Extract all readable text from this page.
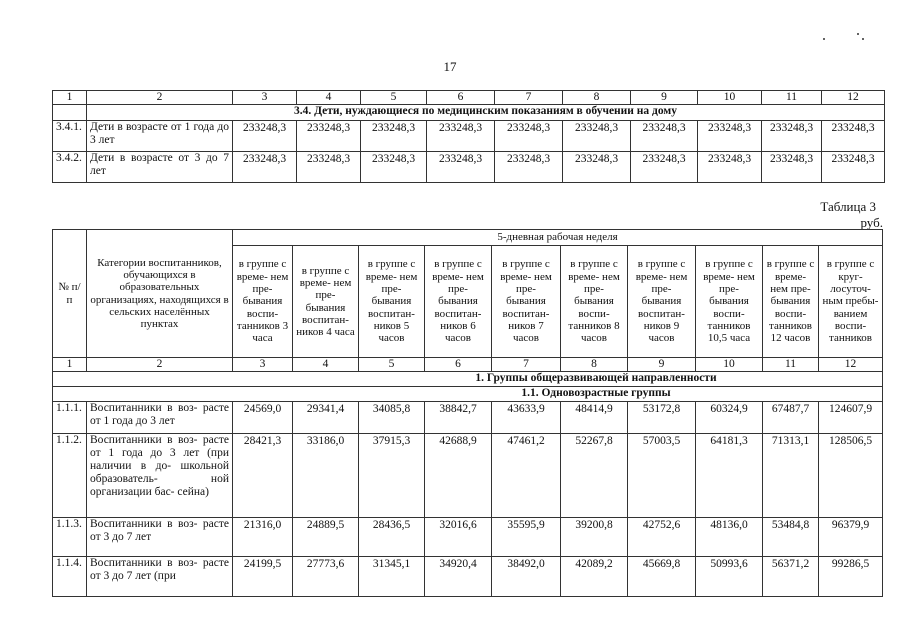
17
1	2	3	4	5	6	7	8	9	10	11	12
	3.4. Дети, нуждающиеся по медицинским показаниям в обучении на дому										
3.4.1.	Дети в возрасте от 1 года до 3 лет	233248,3	233248,3	233248,3	233248,3	233248,3	233248,3	233248,3	233248,3	233248,3	233248,3
3.4.2.	Дети в возрасте от 3 до 7 лет	233248,3	233248,3	233248,3	233248,3	233248,3	233248,3	233248,3	233248,3	233248,3	233248,3
Таблица 3
руб.
№ п/п	Категории воспитанников, обучающихся в образовательных организациях, находящихся в сельских населённых пунктах	5-дневная рабочая неделя									
		в группе с време- нем пре- бывания воспи- танников 3 часа	в группе с време- нем пре- бывания воспитан- ников 4 часа	в группе с време- нем пре- бывания воспитан- ников 5 часов	в группе с време- нем пре- бывания воспитан- ников 6 часов	в группе с време- нем пре- бывания воспитан- ников 7 часов	в группе с време- нем пре- бывания воспи- танников 8 часов	в группе с време- нем пре- бывания воспитан- ников 9 часов	в группе с време- нем пре- бывания воспи- танников 10,5 часа	в группе с време- нем пре- бывания воспи- танников 12 часов	в группе с круг- лосуточ- ным пребы- ванием воспи- танников
1	2	3	4	5	6	7	8	9	10	11	12
1. Группы общеразвивающей направленности											
1.1. Одновозрастные группы											
1.1.1.	Воспитанники в воз- расте от 1 года до 3 лет	24569,0	29341,4	34085,8	38842,7	43633,9	48414,9	53172,8	60324,9	67487,7	124607,9
1.1.2.	Воспитанники в воз- расте от 1 года до 3 лет (при наличии в до- школьной образователь- ной организации бас- сейна)	28421,3	33186,0	37915,3	42688,9	47461,2	52267,8	57003,5	64181,3	71313,1	128506,5
1.1.3.	Воспитанники в воз- расте от 3 до 7 лет	21316,0	24889,5	28436,5	32016,6	35595,9	39200,8	42752,6	48136,0	53484,8	96379,9
1.1.4.	Воспитанники в воз- расте от 3 до 7 лет (при	24199,5	27773,6	31345,1	34920,4	38492,0	42089,2	45669,8	50993,6	56371,2	99286,5
